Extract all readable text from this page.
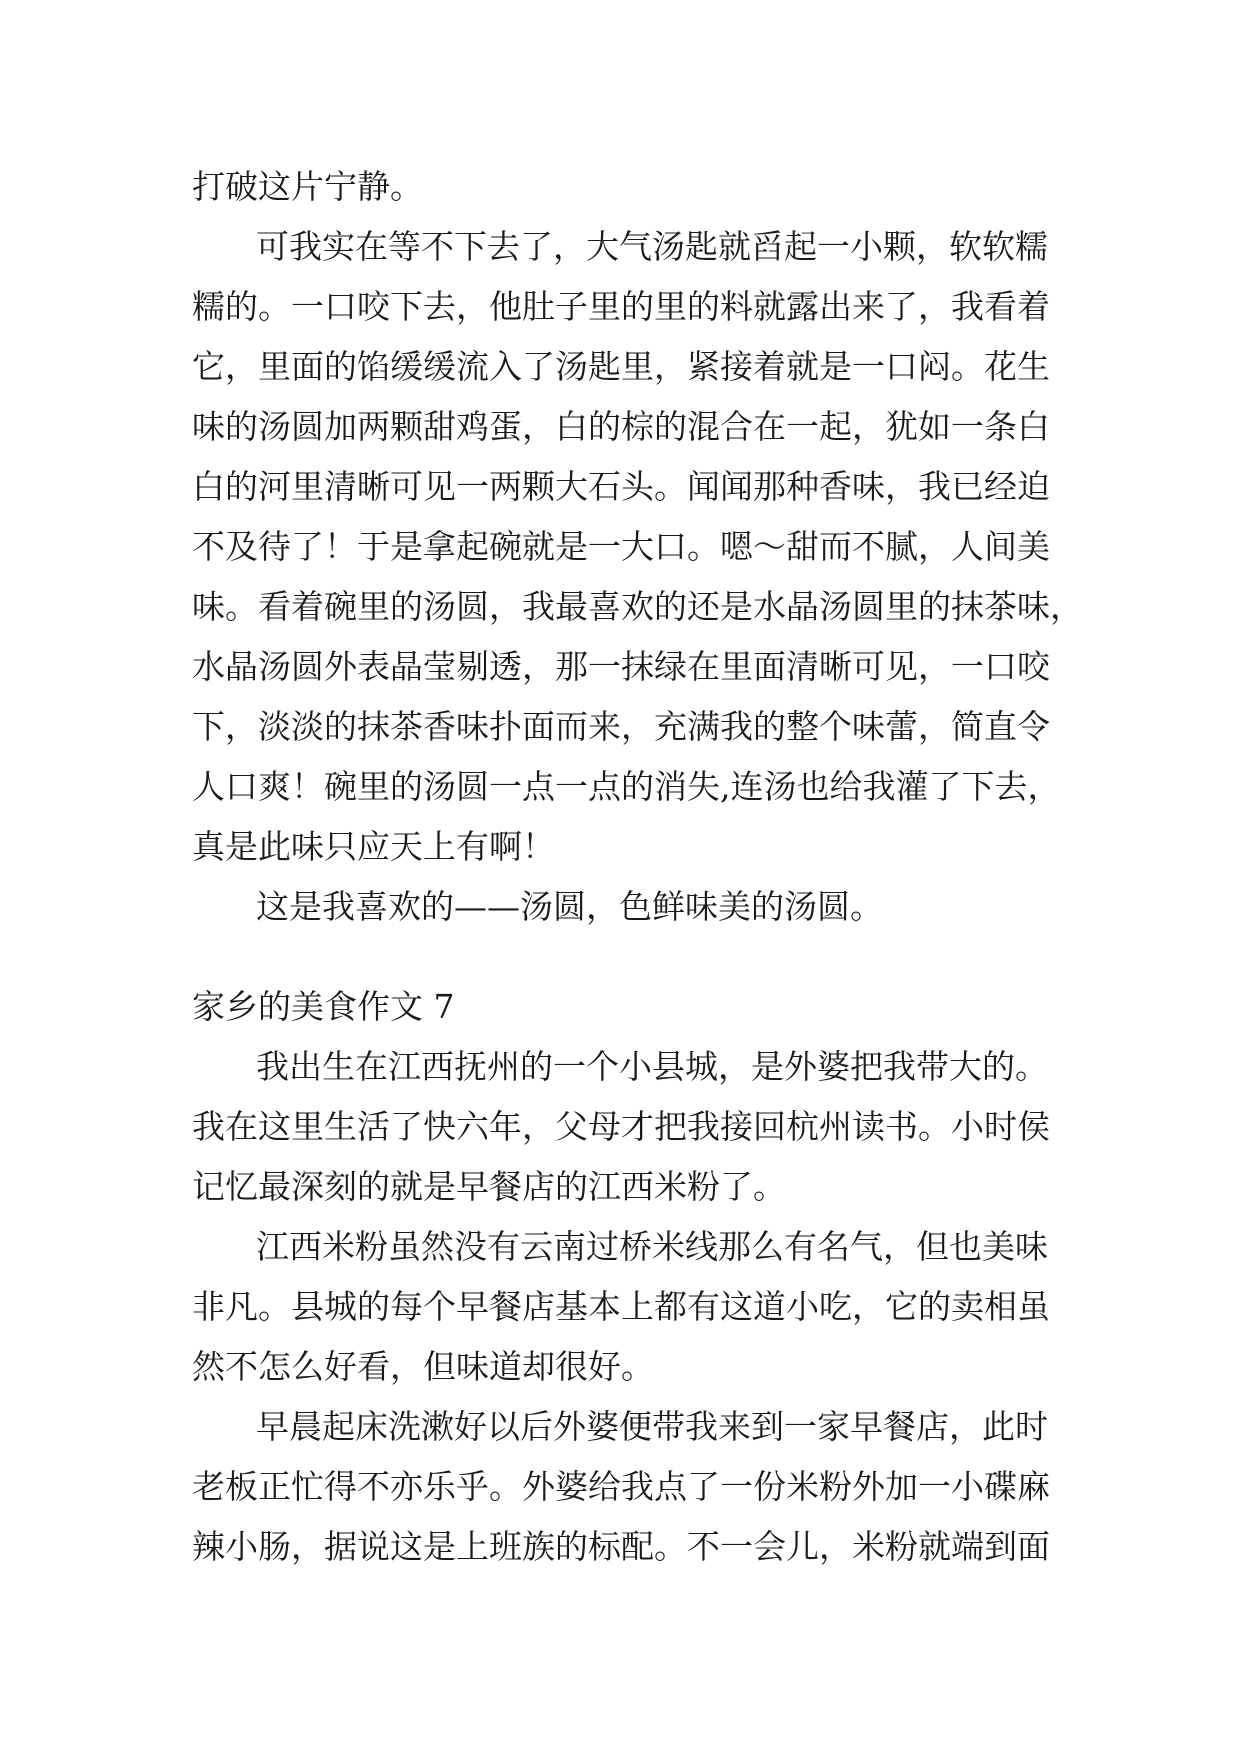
打破这片宁静。

可我实在等不下去了，大气汤匙就舀起一小颗，软软糯

糯的。一口咬下去，他肚子里的里的料就露出来了，我看着

它，里面的馅缓缓流入了汤匙里，紧接着就是一口闷。花生

味的汤圆加两颗甜鸡蛋，白的棕的混合在一起，犹如一条白

白的河里清晰可见一两颗大石头。闻闻那种香味，我已经迫

不及待了！于是拿起碗就是一大口。嗯～甜而不腻，人间美

味。看着碗里的汤圆，我最喜欢的还是水晶汤圆里的抹茶味，

水晶汤圆外表晶莹剔透，那一抹绿在里面清晰可见，一口咬

下，淡淡的抹茶香味扑面而来，充满我的整个味蕾，简直令

人口爽！碗里的汤圆一点一点的消失,连汤也给我灌了下去，

真是此味只应天上有啊！

这是我喜欢的——汤圆，色鲜味美的汤圆。

家乡的美食作文 7

我出生在江西抚州的一个小县城，是外婆把我带大的。

我在这里生活了快六年，父母才把我接回杭州读书。小时侯

记忆最深刻的就是早餐店的江西米粉了。

江西米粉虽然没有云南过桥米线那么有名气，但也美味

非凡。县城的每个早餐店基本上都有这道小吃，它的卖相虽

然不怎么好看，但味道却很好。

早晨起床洗漱好以后外婆便带我来到一家早餐店，此时

老板正忙得不亦乐乎。外婆给我点了一份米粉外加一小碟麻

辣小肠，据说这是上班族的标配。不一会儿，米粉就端到面
